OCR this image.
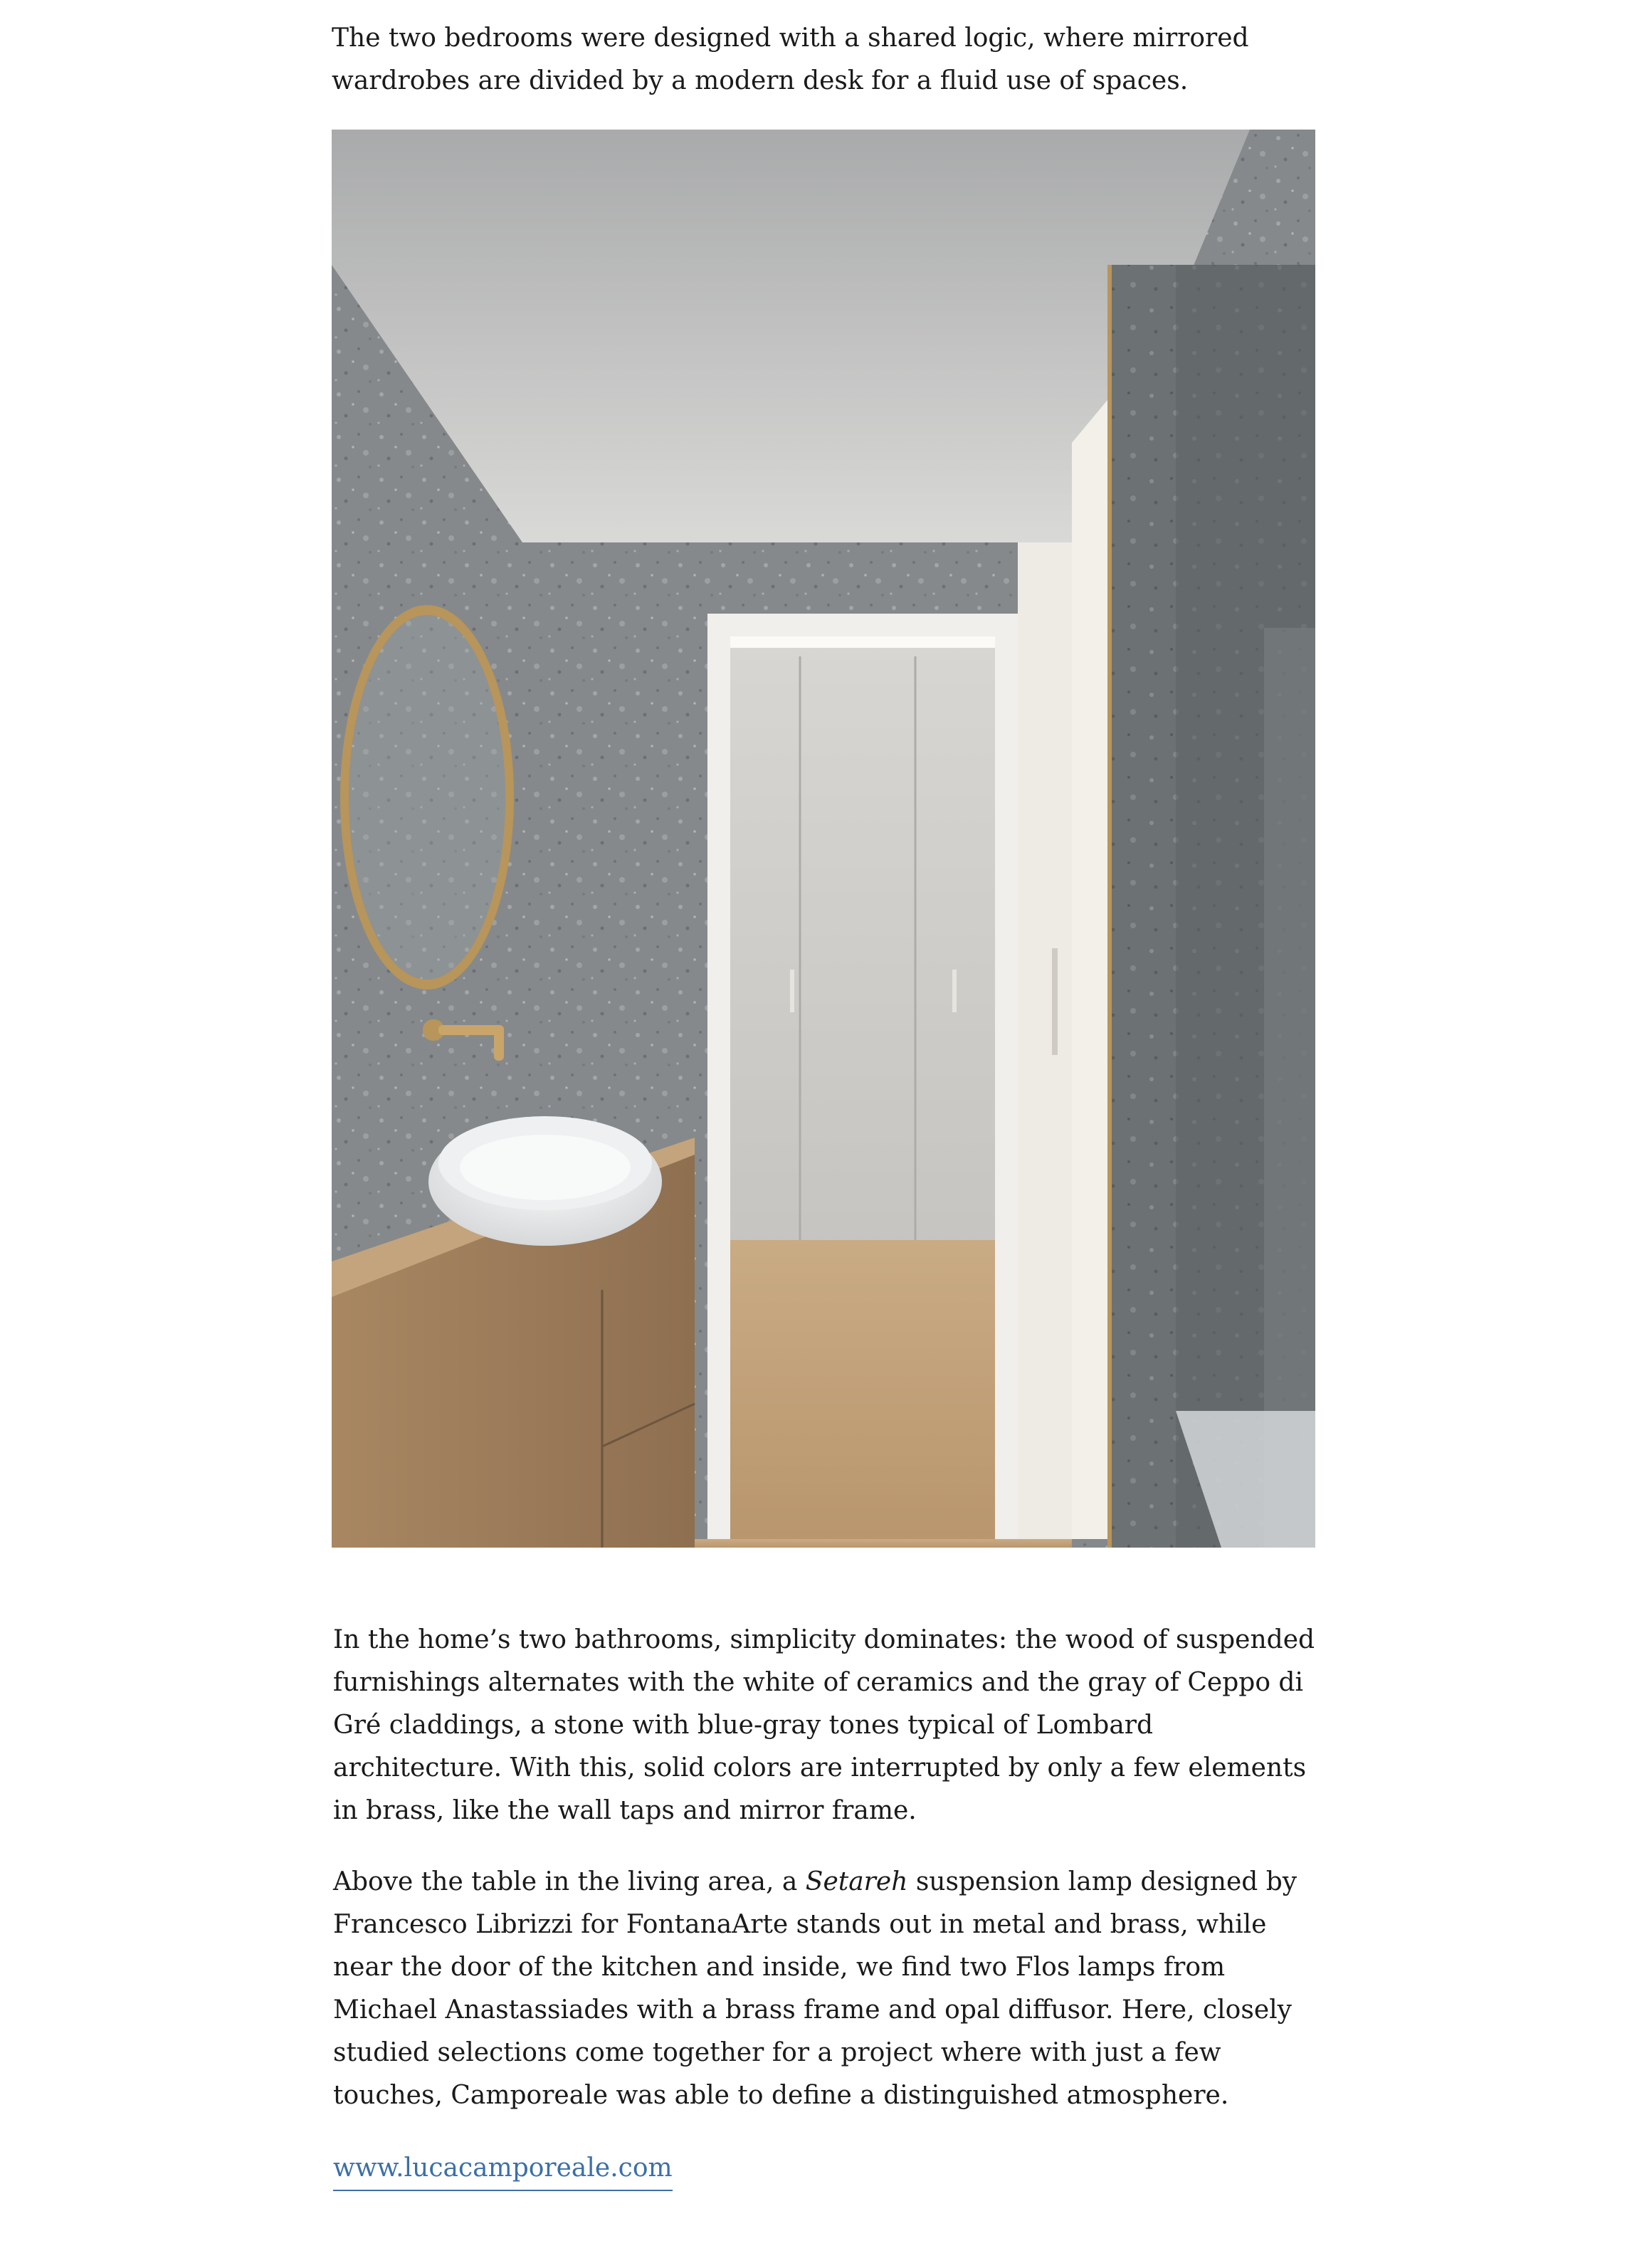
The two bedrooms were designed with a shared logic, where mirrored wardrobes are divided by a modern desk for a fluid use of spaces.

In the home’s two bathrooms, simplicity dominates: the wood of suspended furnishings alternates with the white of ceramics and the gray of Ceppo di Gré claddings, a stone with blue-gray tones typical of Lombard architecture. With this, solid colors are interrupted by only a few elements in brass, like the wall taps and mirror frame.

Above the table in the living area, a Setareh suspension lamp designed by Francesco Librizzi for FontanaArte stands out in metal and brass, while near the door of the kitchen and inside, we find two Flos lamps from Michael Anastassiades with a brass frame and opal diffusor. Here, closely studied selections come together for a project where with just a few touches, Camporeale was able to define a distinguished atmosphere.

www.lucacamporeale.com
